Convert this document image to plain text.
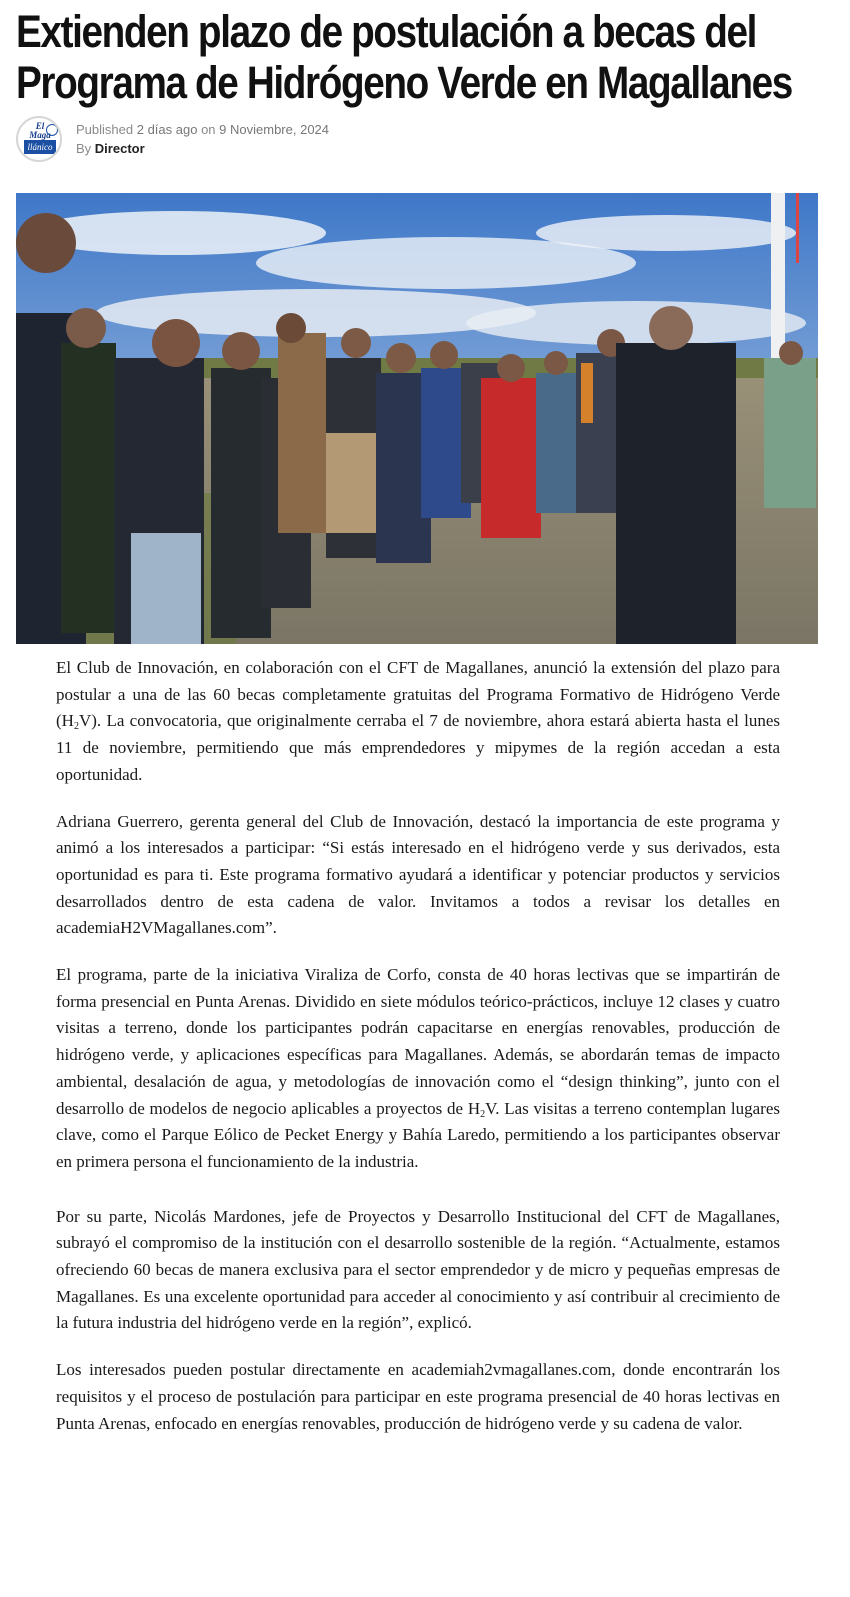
Extienden plazo de postulación a becas del
Programa de Hidrógeno Verde en Magallanes
El
Maga
llánico
Published 2 días ago on 9 Noviembre, 2024
By Director

El Club de Innovación, en colaboración con el CFT de Magallanes, anunció la extensión del plazo para postular a una de las 60 becas completamente gratuitas del Programa Formativo de Hidrógeno Verde $(H_2V)$. La convocatoria, que originalmente cerraba el 7 de noviembre, ahora estará abierta hasta el lunes 11 de noviembre, permitiendo que más emprendedores y mipymes de la región accedan a esta oportunidad.

Adriana Guerrero, gerenta general del Club de Innovación, destacó la importancia de este programa y animó a los interesados a participar: “Si estás interesado en el hidrógeno verde y sus derivados, esta oportunidad es para ti. Este programa formativo ayudará a identificar y potenciar productos y servicios desarrollados dentro de esta cadena de valor. Invitamos a todos a revisar los detalles en academiaH2VMagallanes.com”.

El programa, parte de la iniciativa Viraliza de Corfo, consta de 40 horas lectivas que se impartirán de forma presencial en Punta Arenas. Dividido en siete módulos teórico-prácticos, incluye 12 clases y cuatro visitas a terreno, donde los participantes podrán capacitarse en energías renovables, producción de hidrógeno verde, y aplicaciones específicas para Magallanes. Además, se abordarán temas de impacto ambiental, desalación de agua, y metodologías de innovación como el “design thinking”, junto con el desarrollo de modelos de negocio aplicables a proyectos de $H_2V$. Las visitas a terreno contemplan lugares clave, como el Parque Eólico de Pecket Energy y Bahía Laredo, permitiendo a los participantes observar en primera persona el funcionamiento de la industria.

Por su parte, Nicolás Mardones, jefe de Proyectos y Desarrollo Institucional del CFT de Magallanes, subrayó el compromiso de la institución con el desarrollo sostenible de la región. “Actualmente, estamos ofreciendo 60 becas de manera exclusiva para el sector emprendedor y de micro y pequeñas empresas de Magallanes. Es una excelente oportunidad para acceder al conocimiento y así contribuir al crecimiento de la futura industria del hidrógeno verde en la región”, explicó.

Los interesados pueden postular directamente en academiah2vmagallanes.com, donde encontrarán los requisitos y el proceso de postulación para participar en este programa presencial de 40 horas lectivas en Punta Arenas, enfocado en energías renovables, producción de hidrógeno verde y su cadena de valor.
